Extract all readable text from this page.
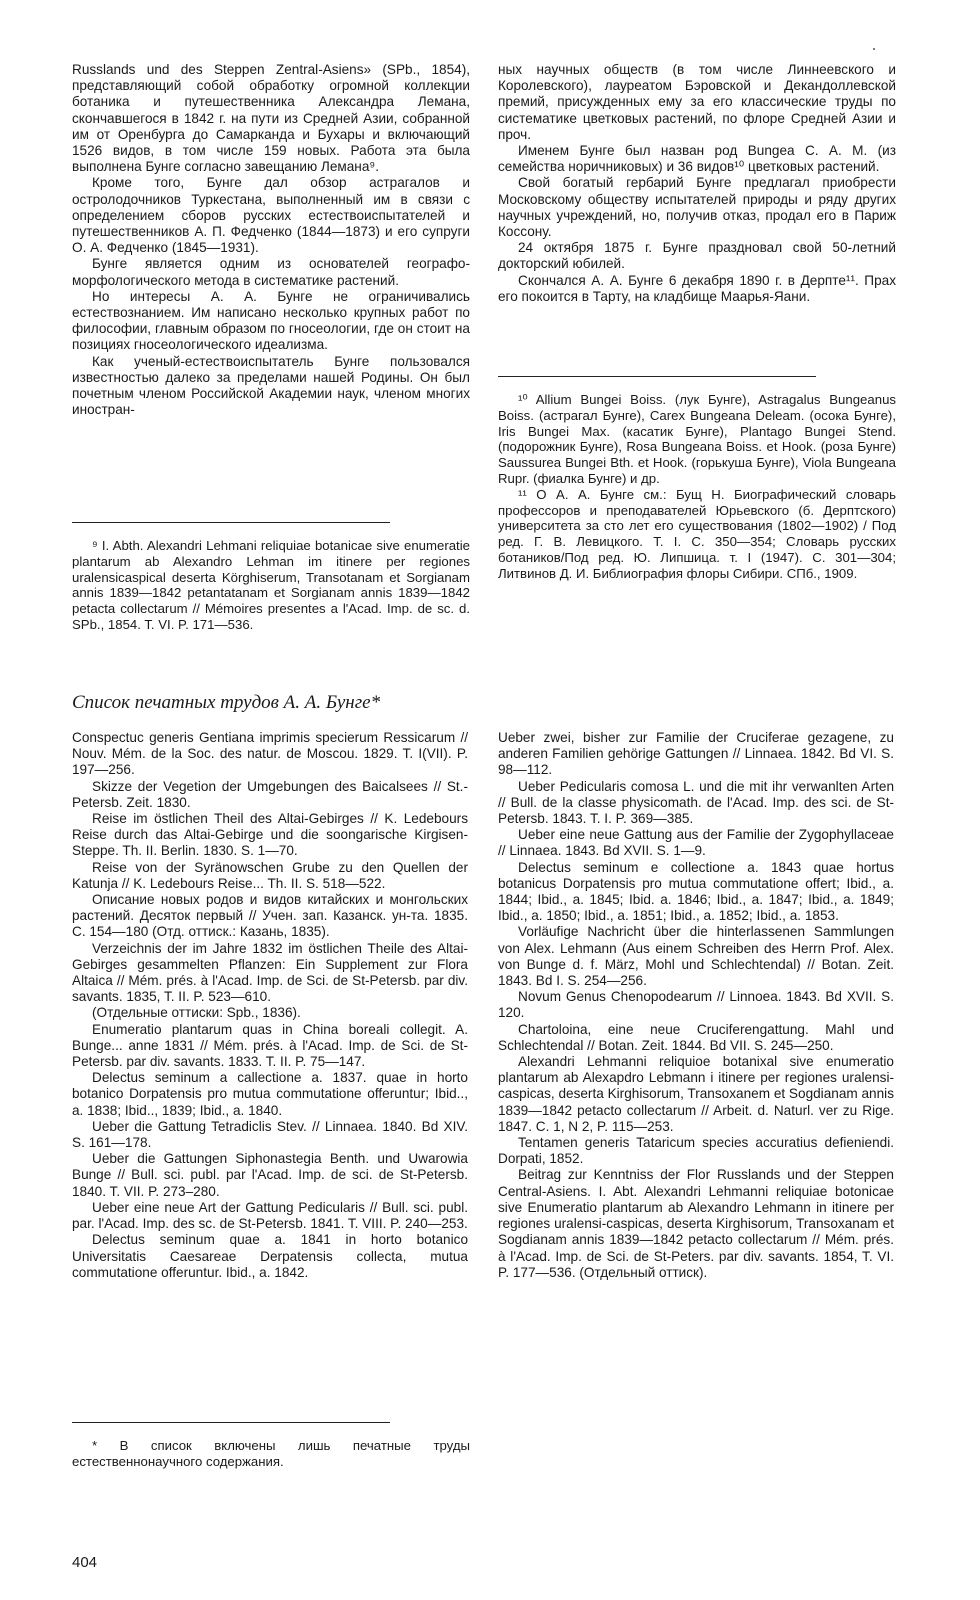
Russlands und des Steppen Zentral-Asiens» (SPb., 1854), представляющий собой обработку огромной коллекции ботаника и путешественника Александра Лемана, скончавшегося в 1842 г. на пути из Средней Азии, собранной им от Оренбурга до Самарканда и Бухары и включающий 1526 видов, в том числе 159 новых. Работа эта была выполнена Бунге согласно завещанию Лемана⁹.

Кроме того, Бунге дал обзор астрагалов и остролодочников Туркестана, выполненный им в связи с определением сборов русских естествоиспытателей и путешественников А. П. Федченко (1844—1873) и его супруги О. А. Федченко (1845—1931).

Бунге является одним из основателей географо-морфологического метода в систематике растений.

Но интересы А. А. Бунге не ограничивались естествознанием. Им написано несколько крупных работ по философии, главным образом по гносеологии, где он стоит на позициях гносеологического идеализма.

Как ученый-естествоиспытатель Бунге пользовался известностью далеко за пределами нашей Родины. Он был почетным членом Российской Академии наук, членом многих иностран-

ных научных обществ (в том числе Линнеевского и Королевского), лауреатом Бэровской и Декандоллевской премий, присужденных ему за его классические труды по систематике цветковых растений, по флоре Средней Азии и проч.

Именем Бунге был назван род Bungea С. А. М. (из семейства норичниковых) и 36 видов¹⁰ цветковых растений.

Свой богатый гербарий Бунге предлагал приобрести Московскому обществу испытателей природы и ряду других научных учреждений, но, получив отказ, продал его в Париж Коссону.

24 октября 1875 г. Бунге праздновал свой 50-летний докторский юбилей.

Скончался А. А. Бунге 6 декабря 1890 г. в Дерпте¹¹. Прах его покоится в Тарту, на кладбище Маарья-Яани.

⁹ I. Abth. Alexandri Lehmani reliquiae botanicae sive enumeratie plantarum ab Alexandro Lehman im itinere per regiones uralensicaspical deserta Körghiserum, Transotanam et Sorgianam annis 1839—1842 petantatanam et Sorgianam annis 1839—1842 petacta collectarum // Mémoires presentes a l'Acad. Imp. de sc. d. SPb., 1854. T. VI. P. 171—536.

¹⁰ Allium Bungei Boiss. (лук Бунге), Astragalus Bungeanus Boiss. (астрагал Бунге), Carex Bungeana Deleam. (осока Бунге), Iris Bungei Max. (касатик Бунге), Plantago Bungei Stend. (подорожник Бунге), Rosa Bungeana Boiss. et Hook. (роза Бунге) Saussurea Bungei Bth. et Hook. (горькуша Бунге), Viola Bungeana Rupr. (фиалка Бунге) и др.

¹¹ О А. А. Бунге см.: Бущ Н. Биографический словарь профессоров и преподавателей Юрьевского (б. Дерптского) университета за сто лет его существования (1802—1902) / Под ред. Г. В. Левицкого. Т. I. С. 350—354; Словарь русских ботаников/Под ред. Ю. Липшица. т. I (1947). С. 301—304; Литвинов Д. И. Библиография флоры Сибири. СПб., 1909.

Список печатных трудов А. А. Бунге*

Conspectuc generis Gentiana imprimis specierum Ressicarum // Nouv. Mém. de la Soc. des natur. de Moscou. 1829. T. I(VII). P. 197—256.

Skizze der Vegetion der Umgebungen des Baicalsees // St.-Petersb. Zeit. 1830.

Reise im östlichen Theil des Altai-Gebirges // K. Ledebours Reise durch das Altai-Gebirge und die soongarische Kirgisen-Steppe. Th. II. Berlin. 1830. S. 1—70.

Reise von der Syränowschen Grube zu den Quellen der Katunja // K. Ledebours Reise... Th. II. S. 518—522.

Описание новых родов и видов китайских и монгольских растений. Десяток первый // Учен. зап. Казанск. ун-та. 1835. С. 154—180 (Отд. оттиск.: Казань, 1835).

Verzeichnis der im Jahre 1832 im östlichen Theile des Altai-Gebirges gesammelten Pflanzen: Ein Supplement zur Flora Altaica // Mém. prés. à l'Acad. Imp. de Sci. de St-Petersb. par div. savants. 1835, T. II. P. 523—610.

(Отдельные оттиски: Spb., 1836).

Enumeratio plantarum quas in China boreali collegit. A. Bunge... anne 1831 // Mém. prés. à l'Acad. Imp. de Sci. de St-Petersb. par div. savants. 1833. T. II. P. 75—147.

Delectus seminum a callectione a. 1837. quae in horto botanico Dorpatensis pro mutua commutatione offeruntur; Ibid.., a. 1838; Ibid.., 1839; Ibid., a. 1840.

Ueber die Gattung Tetradiclis Stev. // Linnaea. 1840. Bd XIV. S. 161—178.

Ueber die Gattungen Siphonastegia Benth. und Uwarowia Bunge // Bull. sci. publ. par l'Acad. Imp. de sci. de St-Petersb. 1840. T. VII. P. 273–280.

Ueber eine neue Art der Gattung Pedicularis // Bull. sci. publ. par. l'Acad. Imp. des sc. de St-Petersb. 1841. T. VIII. P. 240—253.

Delectus seminum quae a. 1841 in horto botanico Universitatis Caesareae Derpatensis collecta, mutua commutatione offeruntur. Ibid., a. 1842.

Ueber zwei, bisher zur Familie der Cruciferae gezagene, zu anderen Familien gehörige Gattungen // Linnaea. 1842. Bd VI. S. 98—112.

Ueber Pedicularis comosa L. und die mit ihr verwanlten Arten // Bull. de la classe physicomath. de l'Acad. Imp. des sci. de St-Petersb. 1843. T. I. P. 369—385.

Ueber eine neue Gattung aus der Familie der Zygophyllaceae // Linnaea. 1843. Bd XVII. S. 1—9.

Delectus seminum e collectione a. 1843 quae hortus botanicus Dorpatensis pro mutua commutatione offert; Ibid., a. 1844; Ibid., a. 1845; Ibid. a. 1846; Ibid., a. 1847; Ibid., a. 1849; Ibid., a. 1850; Ibid., a. 1851; Ibid., a. 1852; Ibid., a. 1853.

Vorläufige Nachricht über die hinterlassenen Sammlungen von Alex. Lehmann (Aus einem Schreiben des Herrn Prof. Alex. von Bunge d. f. März, Mohl und Schlechtendal) // Botan. Zeit. 1843. Bd I. S. 254—256.

Novum Genus Chenopodearum // Linnoea. 1843. Bd XVII. S. 120.

Chartoloina, eine neue Cruciferengattung. Mahl und Schlechtendal // Botan. Zeit. 1844. Bd VII. S. 245—250.

Alexandri Lehmanni reliquioe botanixal sive enumeratio plantarum ab Alexapdro Lebmann i itinere per regiones uralensi-caspicas, deserta Kirghisorum, Transoxanem et Sogdianam annis 1839—1842 petacto collectarum // Arbeit. d. Naturl. ver zu Rige. 1847. C. 1, N 2, P. 115—253.

Tentamen generis Tataricum species accuratius defieniendi. Dorpati, 1852.

Beitrag zur Kenntniss der Flor Russlands und der Steppen Central-Asiens. I. Abt. Alexandri Lehmanni reliquiae botonicae sive Enumeratio plantarum ab Alexandro Lehmann in itinere per regiones uralensi-caspicas, deserta Kirghisorum, Transoxanam et Sogdianam annis 1839—1842 petacto collectarum // Mém. prés. à l'Acad. Imp. de Sci. de St-Peters. par div. savants. 1854, T. VI. P. 177—536. (Отдельный оттиск).

* В список включены лишь печатные труды естественнонаучного содержания.

404
